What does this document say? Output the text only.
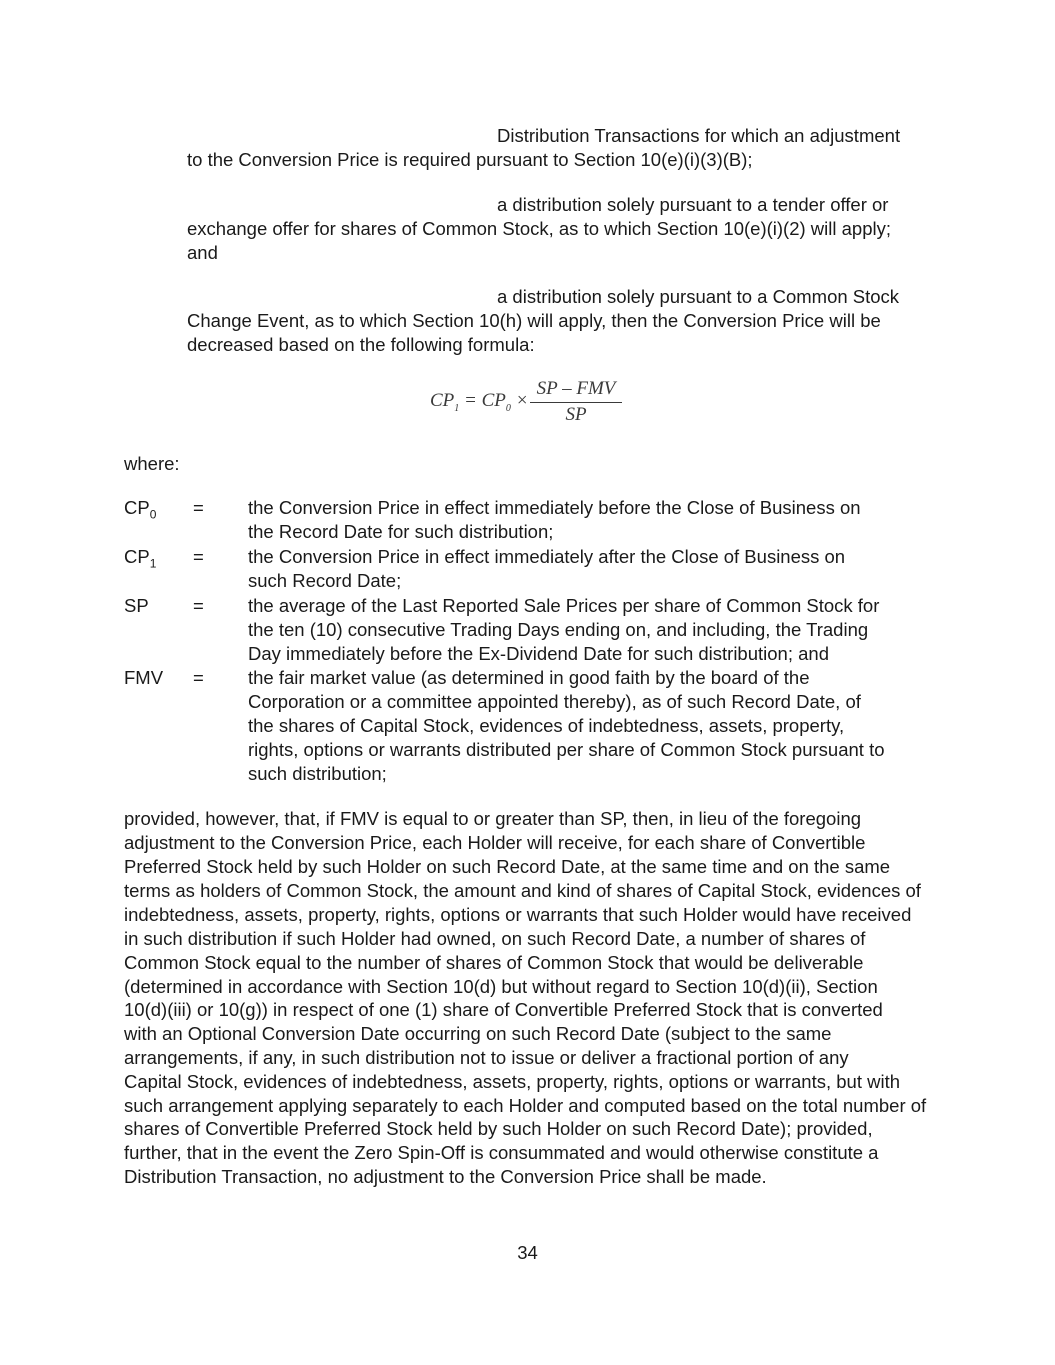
Distribution Transactions for which an adjustment
to the Conversion Price is required pursuant to Section 10(e)(i)(3)(B);
a distribution solely pursuant to a tender offer or
exchange offer for shares of Common Stock, as to which Section 10(e)(i)(2) will apply;
and
a distribution solely pursuant to a Common Stock
Change Event, as to which Section 10(h) will apply, then the Conversion Price will be
decreased based on the following formula:
$CP_1 = CP_0$ ×
SP – FMV
SP
where:
$CP_0$ = the Conversion Price in effect immediately before the Close of Business on
the Record Date for such distribution;
$CP_1$ = the Conversion Price in effect immediately after the Close of Business on
such Record Date;
SP = the average of the Last Reported Sale Prices per share of Common Stock for
the ten (10) consecutive Trading Days ending on, and including, the Trading
Day immediately before the Ex-Dividend Date for such distribution; and
FMV = the fair market value (as determined in good faith by the board of the
Corporation or a committee appointed thereby), as of such Record Date, of
the shares of Capital Stock, evidences of indebtedness, assets, property,
rights, options or warrants distributed per share of Common Stock pursuant to
such distribution;
provided, however, that, if FMV is equal to or greater than SP, then, in lieu of the foregoing
adjustment to the Conversion Price, each Holder will receive, for each share of Convertible
Preferred Stock held by such Holder on such Record Date, at the same time and on the same
terms as holders of Common Stock, the amount and kind of shares of Capital Stock, evidences of
indebtedness, assets, property, rights, options or warrants that such Holder would have received
in such distribution if such Holder had owned, on such Record Date, a number of shares of
Common Stock equal to the number of shares of Common Stock that would be deliverable
(determined in accordance with Section 10(d) but without regard to Section 10(d)(ii), Section
10(d)(iii) or 10(g)) in respect of one (1) share of Convertible Preferred Stock that is converted
with an Optional Conversion Date occurring on such Record Date (subject to the same
arrangements, if any, in such distribution not to issue or deliver a fractional portion of any
Capital Stock, evidences of indebtedness, assets, property, rights, options or warrants, but with
such arrangement applying separately to each Holder and computed based on the total number of
shares of Convertible Preferred Stock held by such Holder on such Record Date); provided,
further, that in the event the Zero Spin-Off is consummated and would otherwise constitute a
Distribution Transaction, no adjustment to the Conversion Price shall be made.
34
